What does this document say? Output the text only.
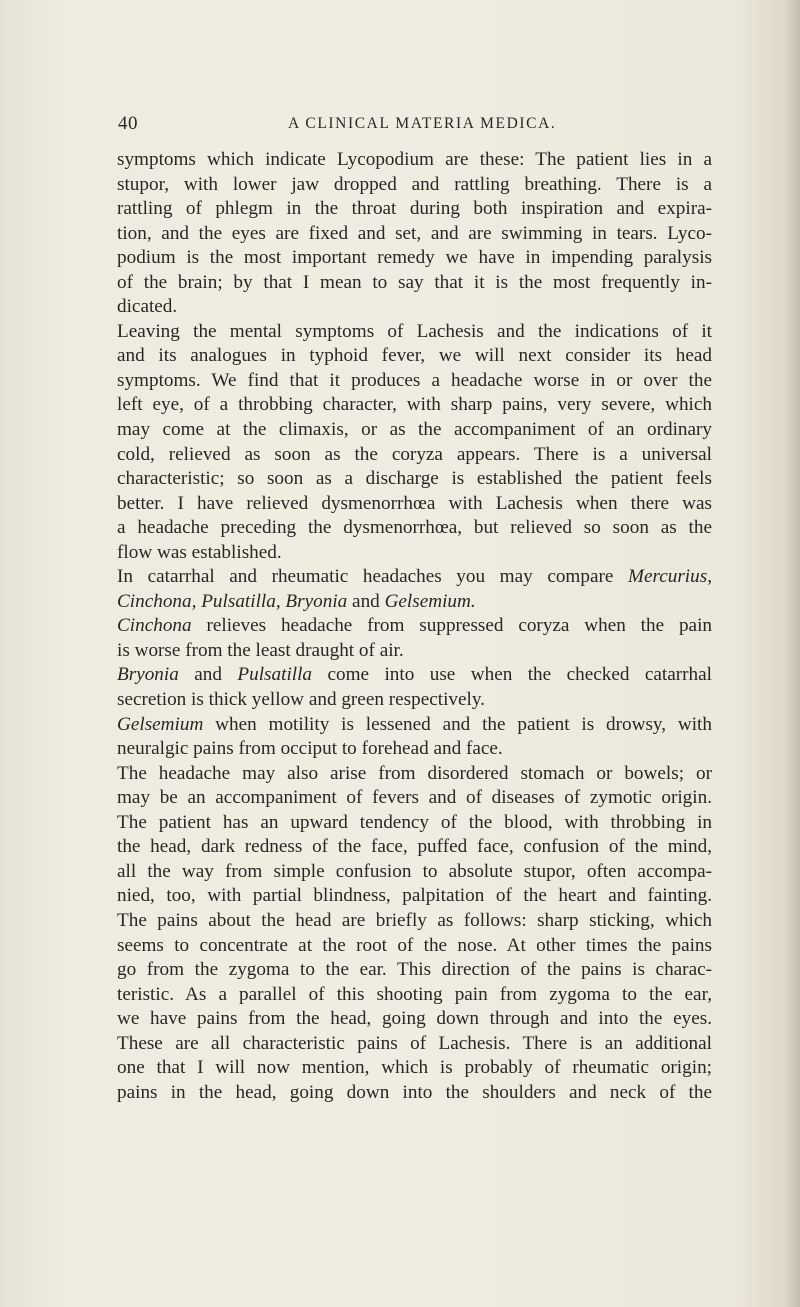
40	A CLINICAL MATERIA MEDICA.
symptoms which indicate Lycopodium are these: The patient lies in a
stupor, with lower jaw dropped and rattling breathing. There is a
rattling of phlegm in the throat during both inspiration and expira-
tion, and the eyes are fixed and set, and are swimming in tears. Lyco-
podium is the most important remedy we have in impending paralysis
of the brain; by that I mean to say that it is the most frequently in-
dicated.
Leaving the mental symptoms of Lachesis and the indications of it
and its analogues in typhoid fever, we will next consider its head
symptoms. We find that it produces a headache worse in or over the
left eye, of a throbbing character, with sharp pains, very severe, which
may come at the climaxis, or as the accompaniment of an ordinary
cold, relieved as soon as the coryza appears. There is a universal
characteristic; so soon as a discharge is established the patient feels
better. I have relieved dysmenorrhœa with Lachesis when there was
a headache preceding the dysmenorrhœa, but relieved so soon as the
flow was established.
In catarrhal and rheumatic headaches you may compare Mercurius,
Cinchona, Pulsatilla, Bryonia and Gelsemium.
Cinchona relieves headache from suppressed coryza when the pain
is worse from the least draught of air.
Bryonia and Pulsatilla come into use when the checked catarrhal
secretion is thick yellow and green respectively.
Gelsemium when motility is lessened and the patient is drowsy, with
neuralgic pains from occiput to forehead and face.
The headache may also arise from disordered stomach or bowels; or
may be an accompaniment of fevers and of diseases of zymotic origin.
The patient has an upward tendency of the blood, with throbbing in
the head, dark redness of the face, puffed face, confusion of the mind,
all the way from simple confusion to absolute stupor, often accompa-
nied, too, with partial blindness, palpitation of the heart and fainting.
The pains about the head are briefly as follows: sharp sticking, which
seems to concentrate at the root of the nose. At other times the pains
go from the zygoma to the ear. This direction of the pains is charac-
teristic. As a parallel of this shooting pain from zygoma to the ear,
we have pains from the head, going down through and into the eyes.
These are all characteristic pains of Lachesis. There is an additional
one that I will now mention, which is probably of rheumatic origin;
pains in the head, going down into the shoulders and neck of the
